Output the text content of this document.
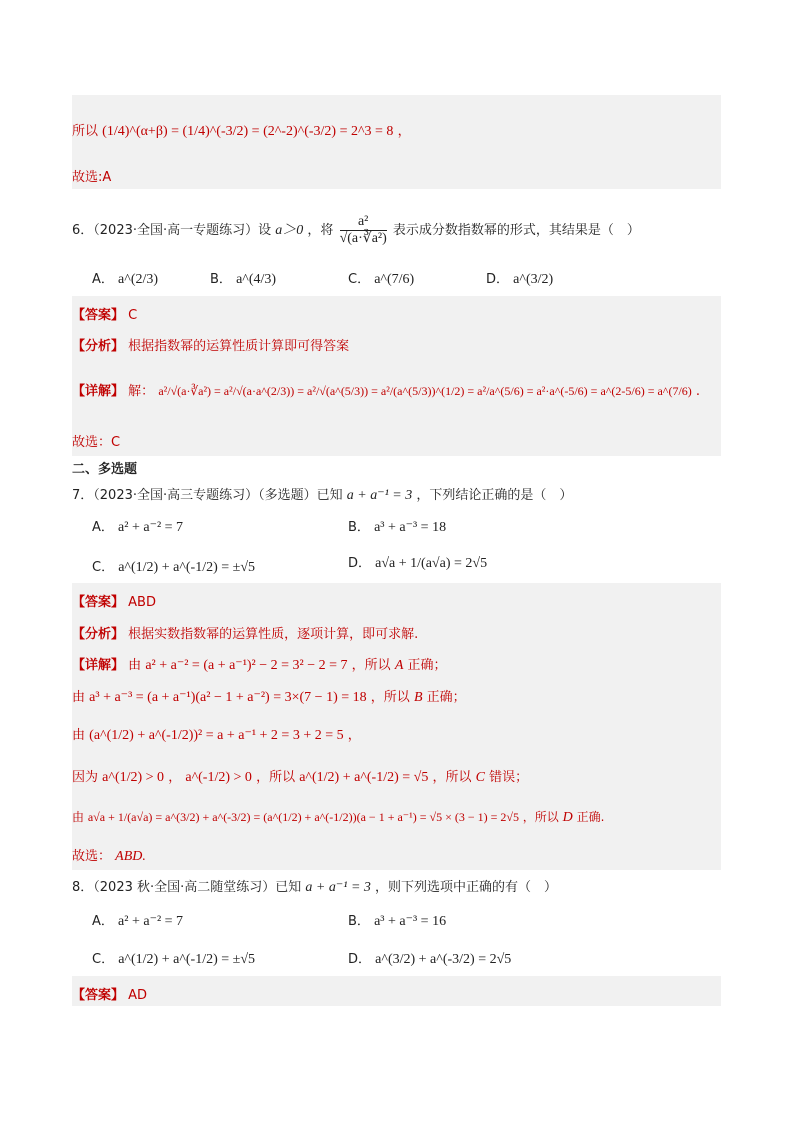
所以 (1/4)^(α+β) = (1/4)^(-3/2) = (2^-2)^(-3/2) = 2^3 = 8 ，
故选:A
6．（2023·全国·高一专题练习）设 a＞0 ，将 $\frac{\text{a²}}{\text{√(a·∛a²)}}$ 表示成分数指数幂的形式，其结果是（　）
A． a^(2/3)	B． a^(4/3)	C． a^(7/6)	D． a^(3/2)
【答案】 C
【分析】 根据指数幂的运算性质计算即可得答案
【详解】 解： a²/√(a·∛a²) = a²/√(a·a^(2/3)) = a²/√(a^(5/3)) = a²/(a^(5/3))^(1/2) = a²/a^(5/6) = a²·a^(-5/6) = a^(2-5/6) = a^(7/6) .
故选：C
二、多选题
7．（2023·全国·高三专题练习）（多选题）已知 a + a⁻¹ = 3 ，下列结论正确的是（　）
A． a² + a⁻² = 7	B． a³ + a⁻³ = 18
C． a^(1/2) + a^(-1/2) = ±√5	D． a√a + 1/(a√a) = 2√5
【答案】 ABD
【分析】 根据实数指数幂的运算性质，逐项计算，即可求解.
【详解】 由 a² + a⁻² = (a + a⁻¹)² − 2 = 3² − 2 = 7 ，所以 A 正确；
由 a³ + a⁻³ = (a + a⁻¹)(a² − 1 + a⁻²) = 3×(7 − 1) = 18 ，所以 B 正确；
由 (a^(1/2) + a^(-1/2))² = a + a⁻¹ + 2 = 3 + 2 = 5 ，
因为 a^(1/2) > 0 ， a^(-1/2) > 0 ，所以 a^(1/2) + a^(-1/2) = √5 ，所以 C 错误；
由 a√a + 1/(a√a) = a^(3/2) + a^(-3/2) = (a^(1/2) + a^(-1/2))(a − 1 + a⁻¹) = √5 × (3 − 1) = 2√5 ，所以 D 正确.
故选： ABD.
8．（2023 秋·全国·高二随堂练习）已知 a + a⁻¹ = 3 ，则下列选项中正确的有（　）
A． a² + a⁻² = 7	B． a³ + a⁻³ = 16
C． a^(1/2) + a^(-1/2) = ±√5	D． a^(3/2) + a^(-3/2) = 2√5
【答案】 AD
